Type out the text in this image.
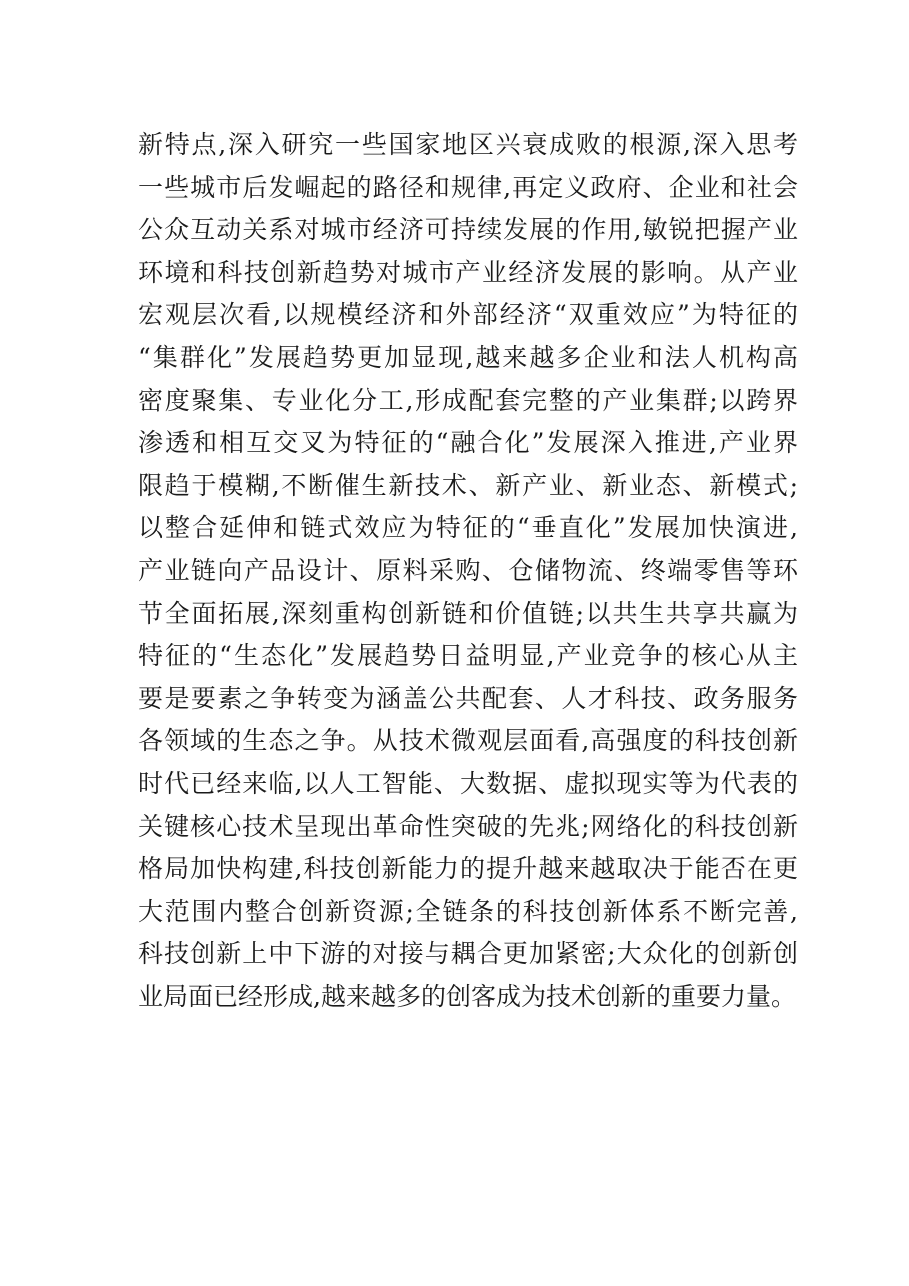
新特点,深入研究一些国家地区兴衰成败的根源,深入思考
一些城市后发崛起的路径和规律,再定义政府、企业和社会
公众互动关系对城市经济可持续发展的作用,敏锐把握产业
环境和科技创新趋势对城市产业经济发展的影响。从产业
宏观层次看,以规模经济和外部经济“双重效应”为特征的
“集群化”发展趋势更加显现,越来越多企业和法人机构高
密度聚集、专业化分工,形成配套完整的产业集群;以跨界
渗透和相互交叉为特征的“融合化”发展深入推进,产业界
限趋于模糊,不断催生新技术、新产业、新业态、新模式;
以整合延伸和链式效应为特征的“垂直化”发展加快演进,
产业链向产品设计、原料采购、仓储物流、终端零售等环
节全面拓展,深刻重构创新链和价值链;以共生共享共赢为
特征的“生态化”发展趋势日益明显,产业竞争的核心从主
要是要素之争转变为涵盖公共配套、人才科技、政务服务
各领域的生态之争。从技术微观层面看,高强度的科技创新
时代已经来临,以人工智能、大数据、虚拟现实等为代表的
关键核心技术呈现出革命性突破的先兆;网络化的科技创新
格局加快构建,科技创新能力的提升越来越取决于能否在更
大范围内整合创新资源;全链条的科技创新体系不断完善,
科技创新上中下游的对接与耦合更加紧密;大众化的创新创
业局面已经形成,越来越多的创客成为技术创新的重要力量。
